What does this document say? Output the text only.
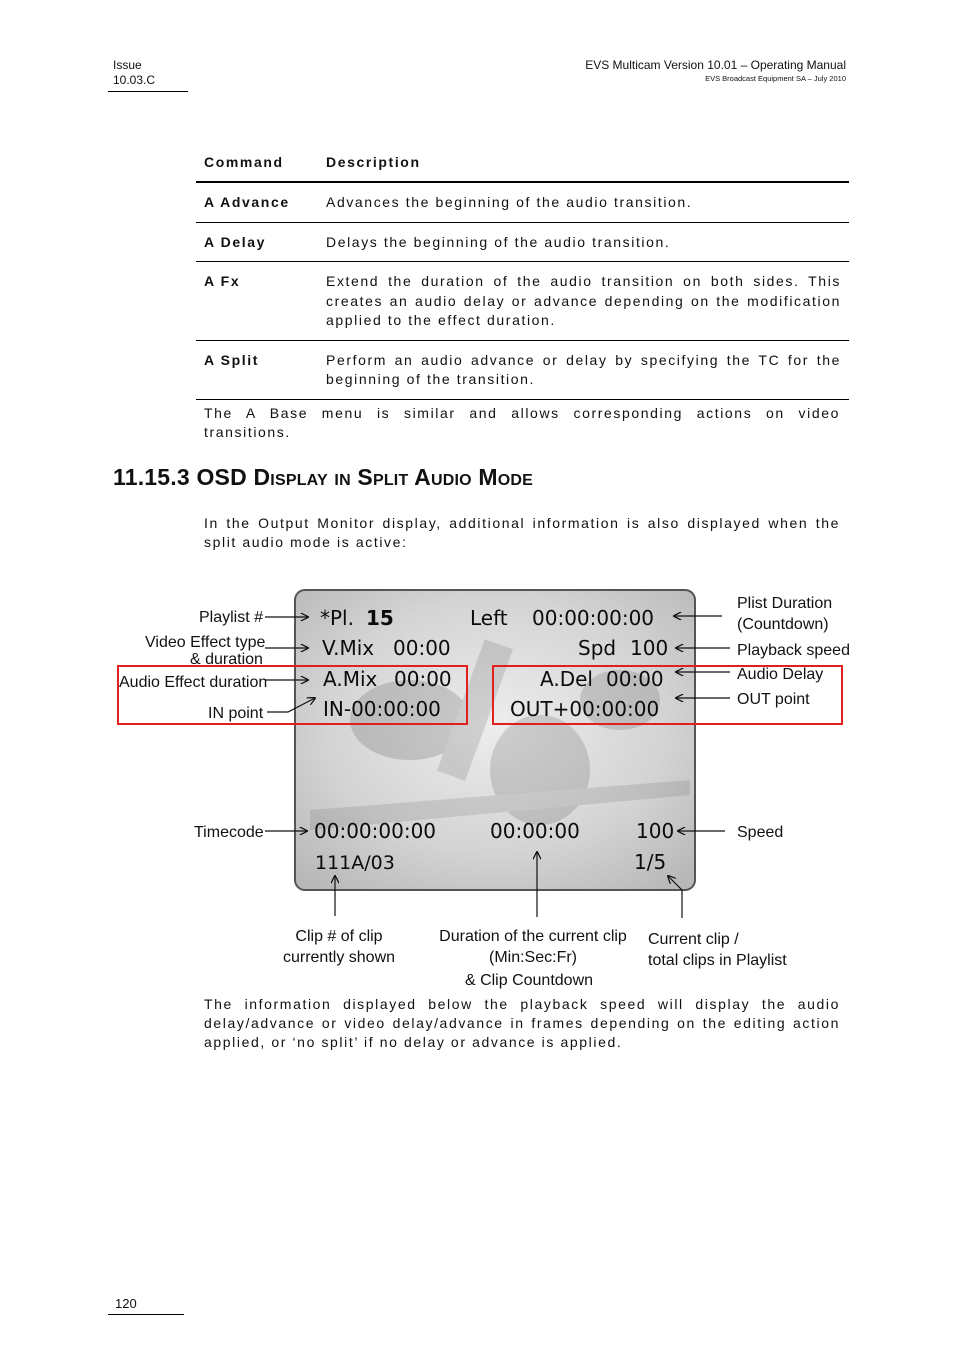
Issue
10.03.C
EVS Multicam Version 10.01 – Operating Manual
EVS Broadcast Equipment SA – July 2010
Command	Description
A Advance	Advances the beginning of the audio transition.
A Delay	Delays the beginning of the audio transition.
A Fx	Extend the duration of the audio transition on both sides. This creates an audio delay or advance depending on the modification applied to the effect duration.
A Split	Perform an audio advance or delay by specifying the TC for the beginning of the transition.
The A Base menu is similar and allows corresponding actions on video transitions.
11.15.3 OSD Display in Split Audio Mode
In the Output Monitor display, additional information is also displayed when the split audio mode is active:
*Pl. 15	Left 00:00:00:00
V.Mix 00:00	Spd 100
A.Mix 00:00	A.Del 00:00
IN-00:00:00	OUT+00:00:00
00:00:00:00	00:00:00	100
111A/03	1/5
Playlist #
Video Effect type
& duration
Audio Effect duration
IN point
Timecode
Plist Duration
(Countdown)
Playback speed
Audio Delay
OUT point
Speed
Clip # of clip
currently shown
Duration of the current clip
(Min:Sec:Fr)
& Clip Countdown
Current clip /
total clips in Playlist
The information displayed below the playback speed will display the audio delay/advance or video delay/advance in frames depending on the editing action applied, or ‘no split’ if no delay or advance is applied.
120
